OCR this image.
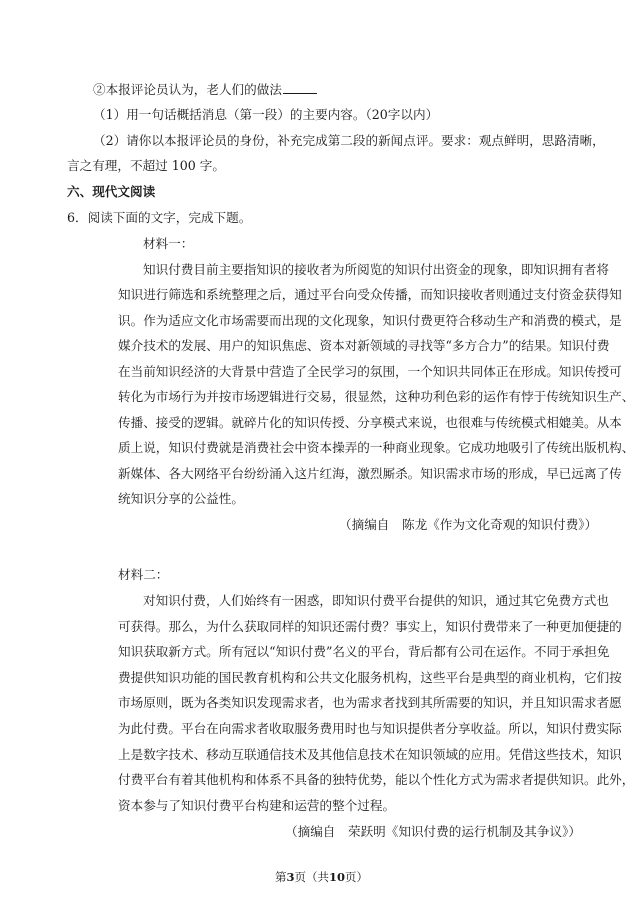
②本报评论员认为，老人们的做法
（1）用一句话概括消息（第一段）的主要内容。（20字以内）
（2）请你以本报评论员的身份，补充完成第二段的新闻点评。要求：观点鲜明，思路清晰，
言之有理，不超过 100 字。
六、现代文阅读
6．阅读下面的文字，完成下题。
材料一：
知识付费目前主要指知识的接收者为所阅览的知识付出资金的现象，即知识拥有者将
知识进行筛选和系统整理之后，通过平台向受众传播，而知识接收者则通过支付资金获得知
识。作为适应文化市场需要而出现的文化现象，知识付费更符合移动生产和消费的模式，是
媒介技术的发展、用户的知识焦虑、资本对新领域的寻找等“多方合力”的结果。知识付费
在当前知识经济的大背景中营造了全民学习的氛围，一个知识共同体正在形成。知识传授可
转化为市场行为并按市场逻辑进行交易，很显然，这种功利色彩的运作有悖于传统知识生产、
传播、接受的逻辑。就碎片化的知识传授、分享模式来说，也很难与传统模式相媲美。从本
质上说，知识付费就是消费社会中资本操弄的一种商业现象。它成功地吸引了传统出版机构、
新媒体、各大网络平台纷纷涌入这片红海，激烈厮杀。知识需求市场的形成，早已远离了传
统知识分享的公益性。
（摘编自　陈龙《作为文化奇观的知识付费》）
材料二：
对知识付费，人们始终有一困惑，即知识付费平台提供的知识，通过其它免费方式也
可获得。那么，为什么获取同样的知识还需付费？事实上，知识付费带来了一种更加便捷的
知识获取新方式。所有冠以“知识付费”名义的平台，背后都有公司在运作。不同于承担免
费提供知识功能的国民教育机构和公共文化服务机构，这些平台是典型的商业机构，它们按
市场原则，既为各类知识发现需求者，也为需求者找到其所需要的知识，并且知识需求者愿
为此付费。平台在向需求者收取服务费用时也与知识提供者分享收益。所以，知识付费实际
上是数字技术、移动互联通信技术及其他信息技术在知识领域的应用。凭借这些技术，知识
付费平台有着其他机构和体系不具备的独特优势，能以个性化方式为需求者提供知识。此外，
资本参与了知识付费平台构建和运营的整个过程。
（摘编自　荣跃明《知识付费的运行机制及其争议》）
第3页（共10页）
